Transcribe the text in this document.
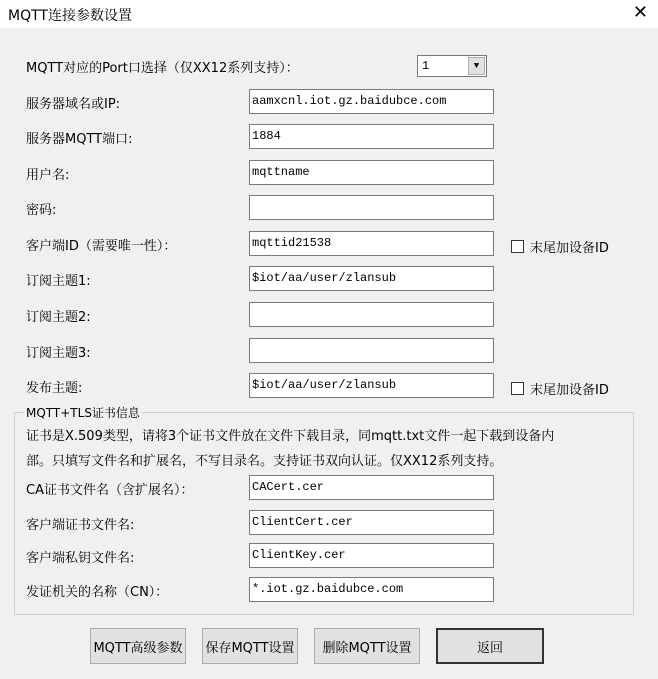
MQTT连接参数设置	✕
MQTT对应的Port口选择（仅XX12系列支持）：	1	▼
服务器域名或IP:	aamxcnl.iot.gz.baidubce.com
服务器MQTT端口:	1884
用户名:	mqttname
密码:
客户端ID（需要唯一性）：	mqttid21538	末尾加设备ID
订阅主题1:	$iot/aa/user/zlansub
订阅主题2:
订阅主题3:
发布主题:	$iot/aa/user/zlansub	末尾加设备ID
MQTT+TLS证书信息
证书是X.509类型，请将3个证书文件放在文件下载目录，同mqtt.txt文件一起下载到设备内
部。只填写文件名和扩展名，不写目录名。支持证书双向认证。仅XX12系列支持。
CA证书文件名（含扩展名）：	CACert.cer
客户端证书文件名:	ClientCert.cer
客户端私钥文件名:	ClientKey.cer
发证机关的名称（CN）：	*.iot.gz.baidubce.com
MQTT高级参数 保存MQTT设置	删除MQTT设置	返回
